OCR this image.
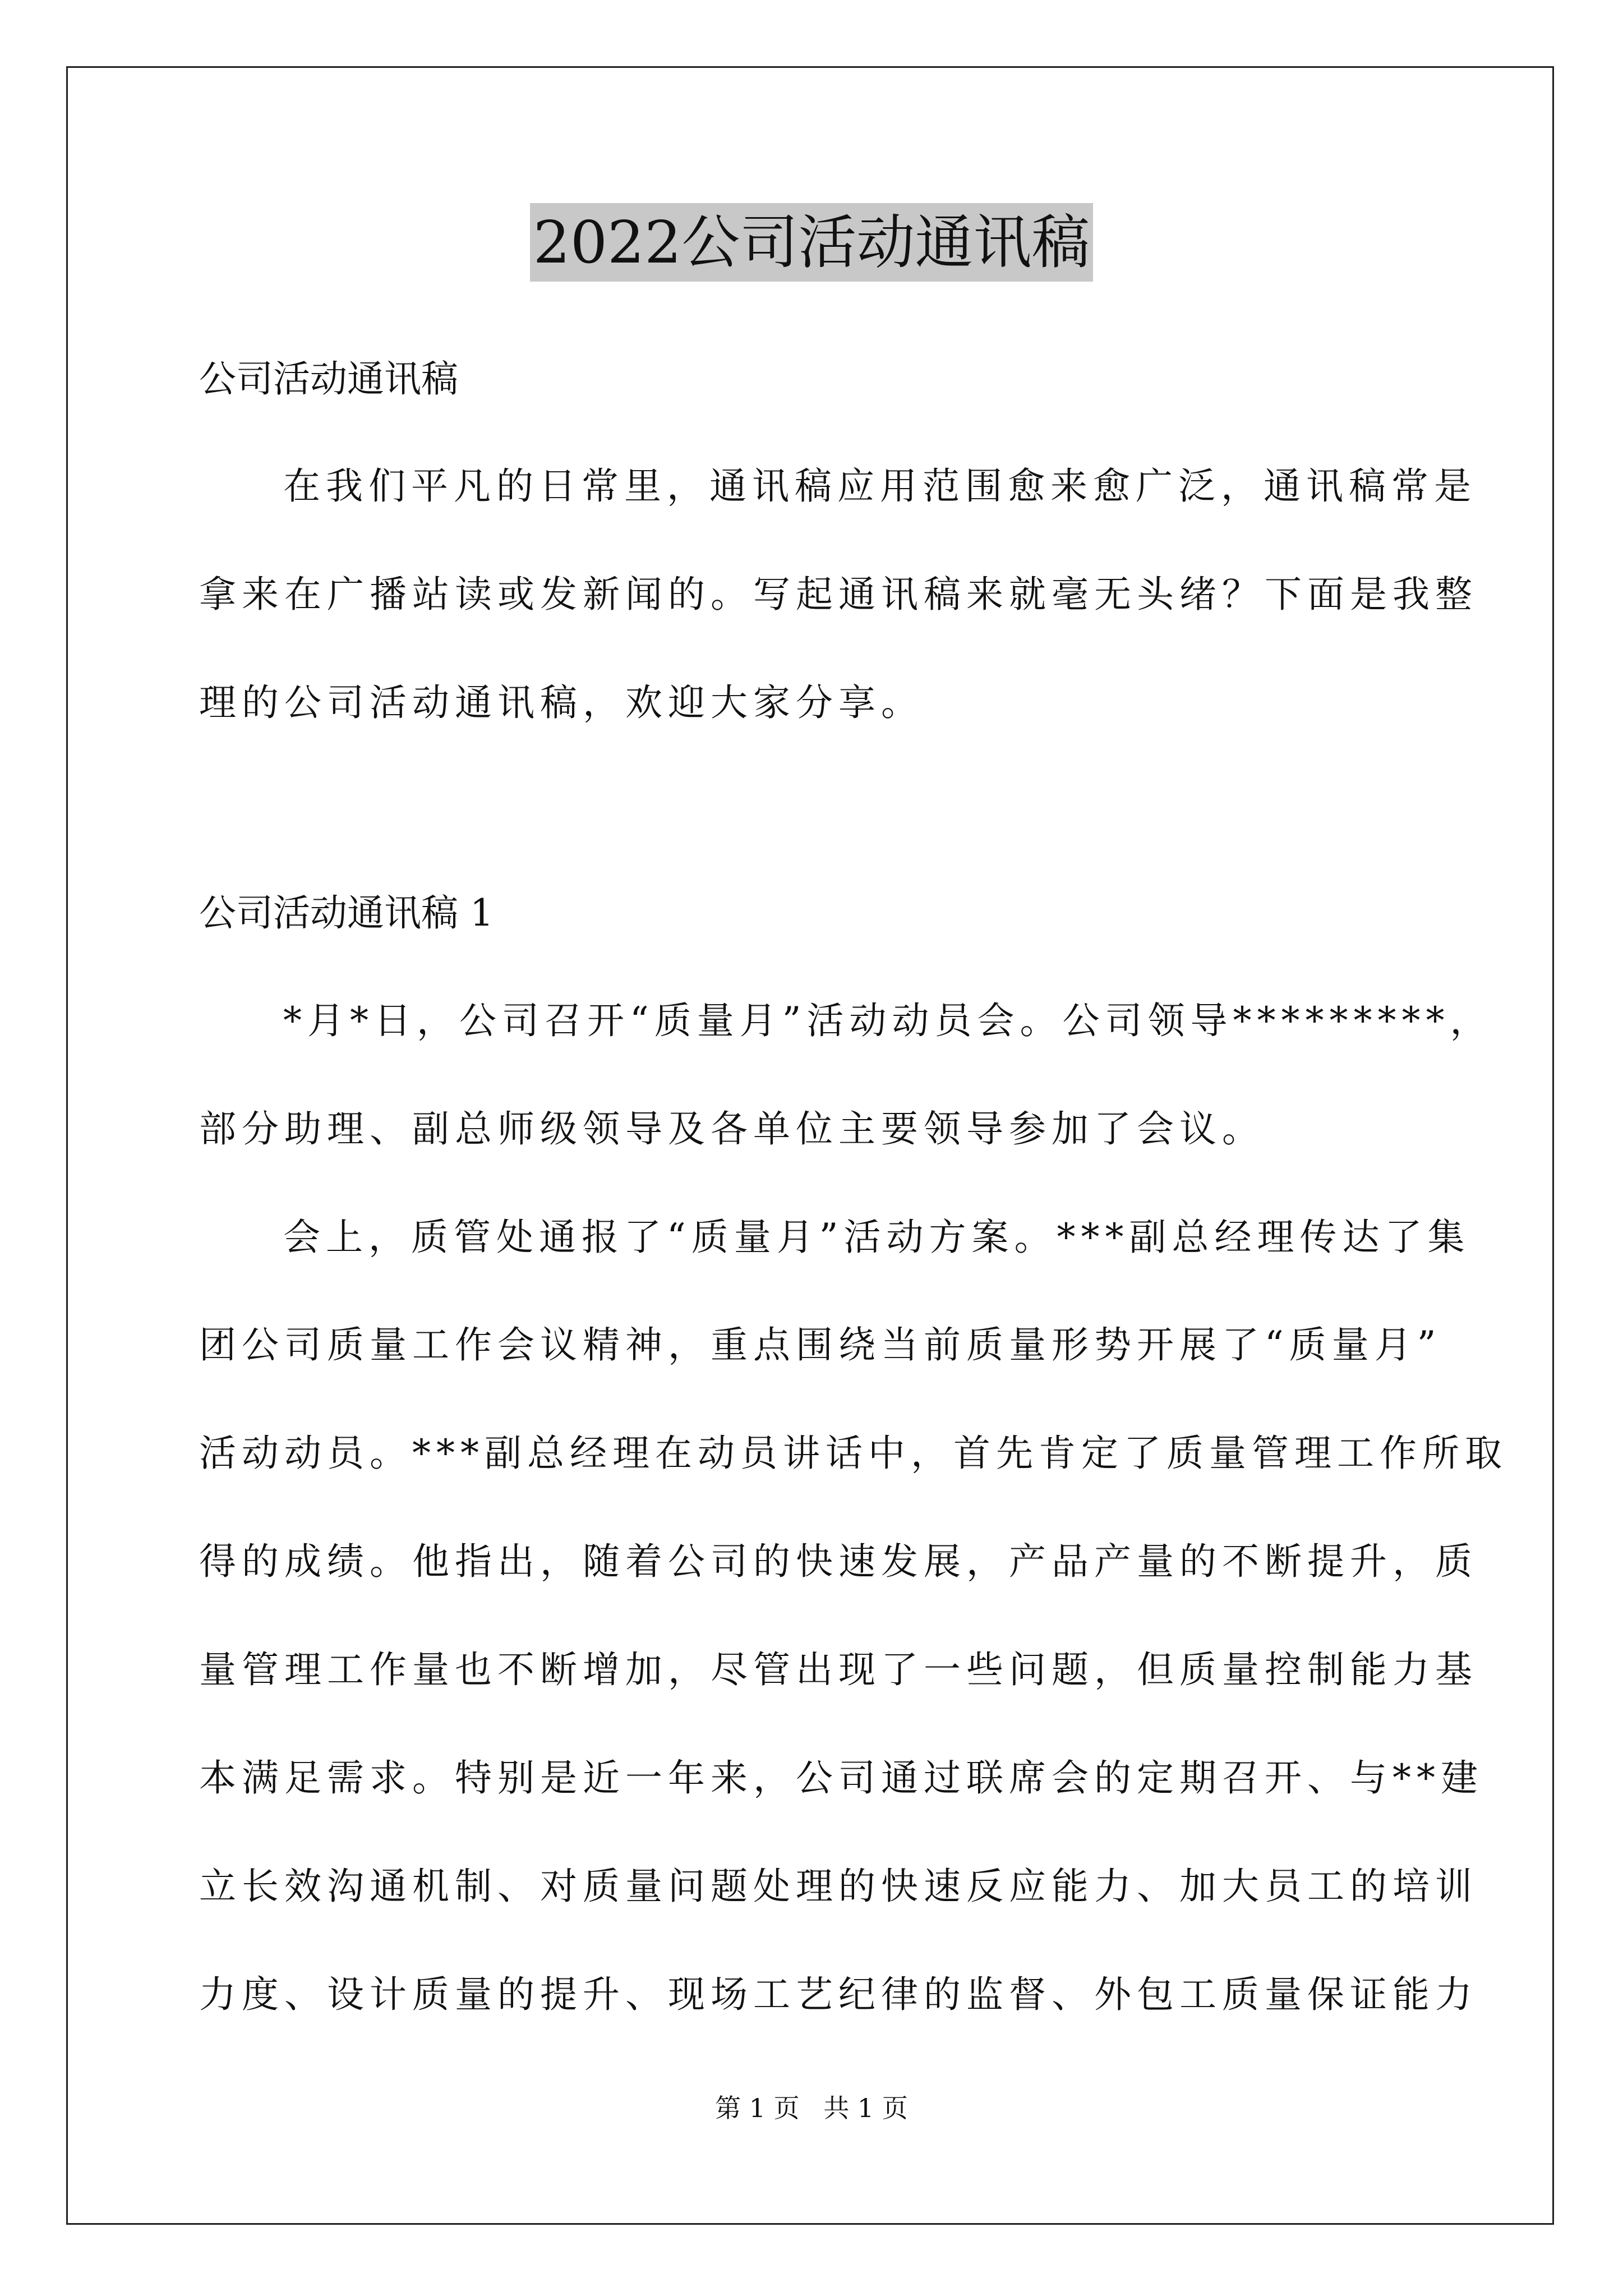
2022公司活动通讯稿
公司活动通讯稿
在我们平凡的日常里，通讯稿应用范围愈来愈广泛，通讯稿常是
拿来在广播站读或发新闻的。写起通讯稿来就毫无头绪？下面是我整
理的公司活动通讯稿，欢迎大家分享。
公司活动通讯稿 1
*月*日，公司召开“质量月”活动动员会。公司领导*********，
部分助理、副总师级领导及各单位主要领导参加了会议。
会上，质管处通报了“质量月”活动方案。***副总经理传达了集
团公司质量工作会议精神，重点围绕当前质量形势开展了“质量月”
活动动员。***副总经理在动员讲话中，首先肯定了质量管理工作所取
得的成绩。他指出，随着公司的快速发展，产品产量的不断提升，质
量管理工作量也不断增加，尽管出现了一些问题，但质量控制能力基
本满足需求。特别是近一年来，公司通过联席会的定期召开、与**建
立长效沟通机制、对质量问题处理的快速反应能力、加大员工的培训
力度、设计质量的提升、现场工艺纪律的监督、外包工质量保证能力
第 1 页 共 1 页
